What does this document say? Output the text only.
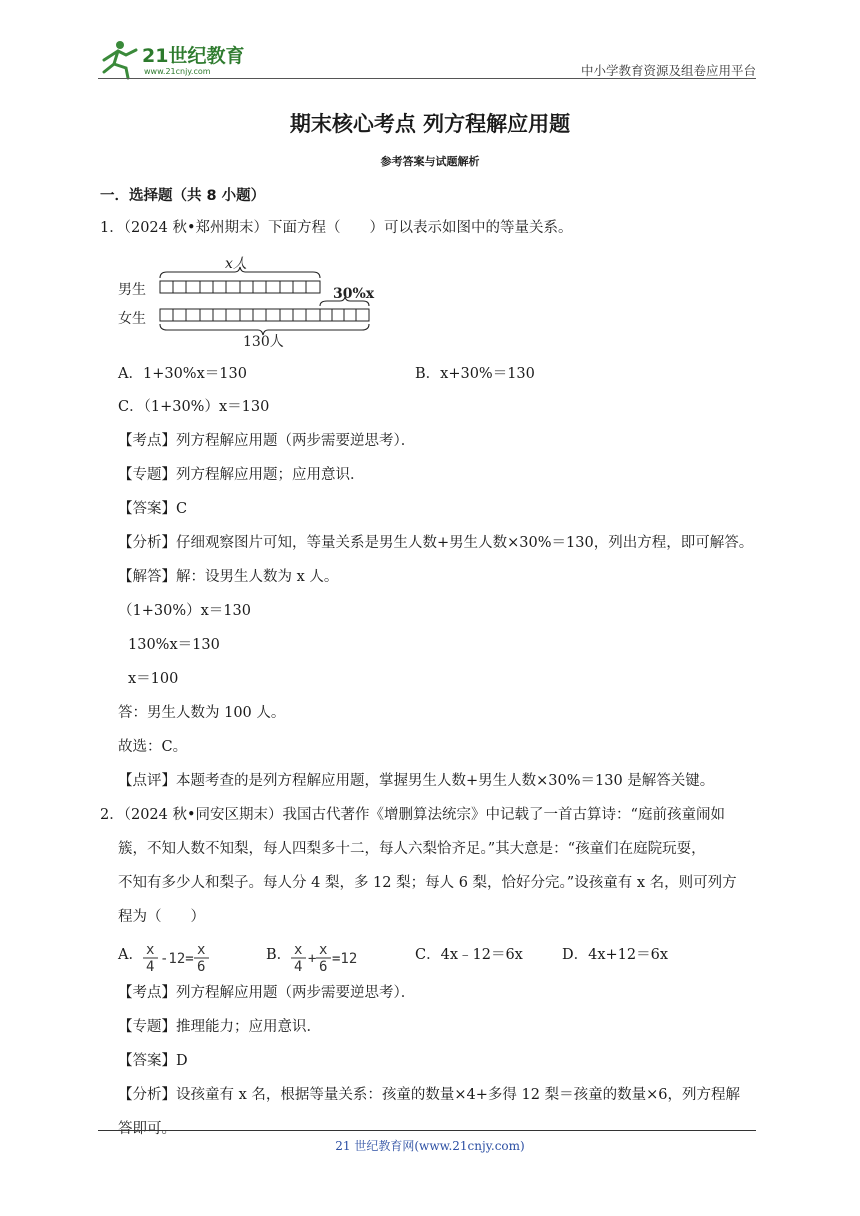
21世纪教育
www.21cnjy.com	中小学教育资源及组卷应用平台
期末核心考点 列方程解应用题
参考答案与试题解析
一．选择题（共 8 小题）
1．（2024 秋•郑州期末）下面方程（　　）可以表示如图中的等量关系。
男生
女生
x人
30%x
130人
A．1+30%x＝130	B．x+30%＝130
C．（1+30%）x＝130
【考点】列方程解应用题（两步需要逆思考）．
【专题】列方程解应用题；应用意识．
【答案】C
【分析】仔细观察图片可知，等量关系是男生人数+男生人数×30%＝130，列出方程，即可解答。
【解答】解：设男生人数为 x 人。
（1+30%）x＝130
130%x＝130
x＝100
答：男生人数为 100 人。
故选：C。
【点评】本题考查的是列方程解应用题，掌握男生人数+男生人数×30%＝130 是解答关键。
2．（2024 秋•同安区期末）我国古代著作《增删算法统宗》中记载了一首古算诗：“庭前孩童闹如
簇，不知人数不知梨，每人四梨多十二，每人六梨恰齐足。”其大意是：“孩童们在庭院玩耍，
不知有多少人和梨子。每人分 4 梨，多 12 梨；每人 6 梨，恰好分完。”设孩童有 x 名，则可列方
程为（　　）
A． x
4 -12=
x
6
B． x
4 +
x
6 =12	C．4x﹣12＝6x	D．4x+12＝6x
【考点】列方程解应用题（两步需要逆思考）．
【专题】推理能力；应用意识．
【答案】D
【分析】设孩童有 x 名，根据等量关系：孩童的数量×4+多得 12 梨＝孩童的数量×6，列方程解
答即可。
21 世纪教育网(www.21cnjy.com)
